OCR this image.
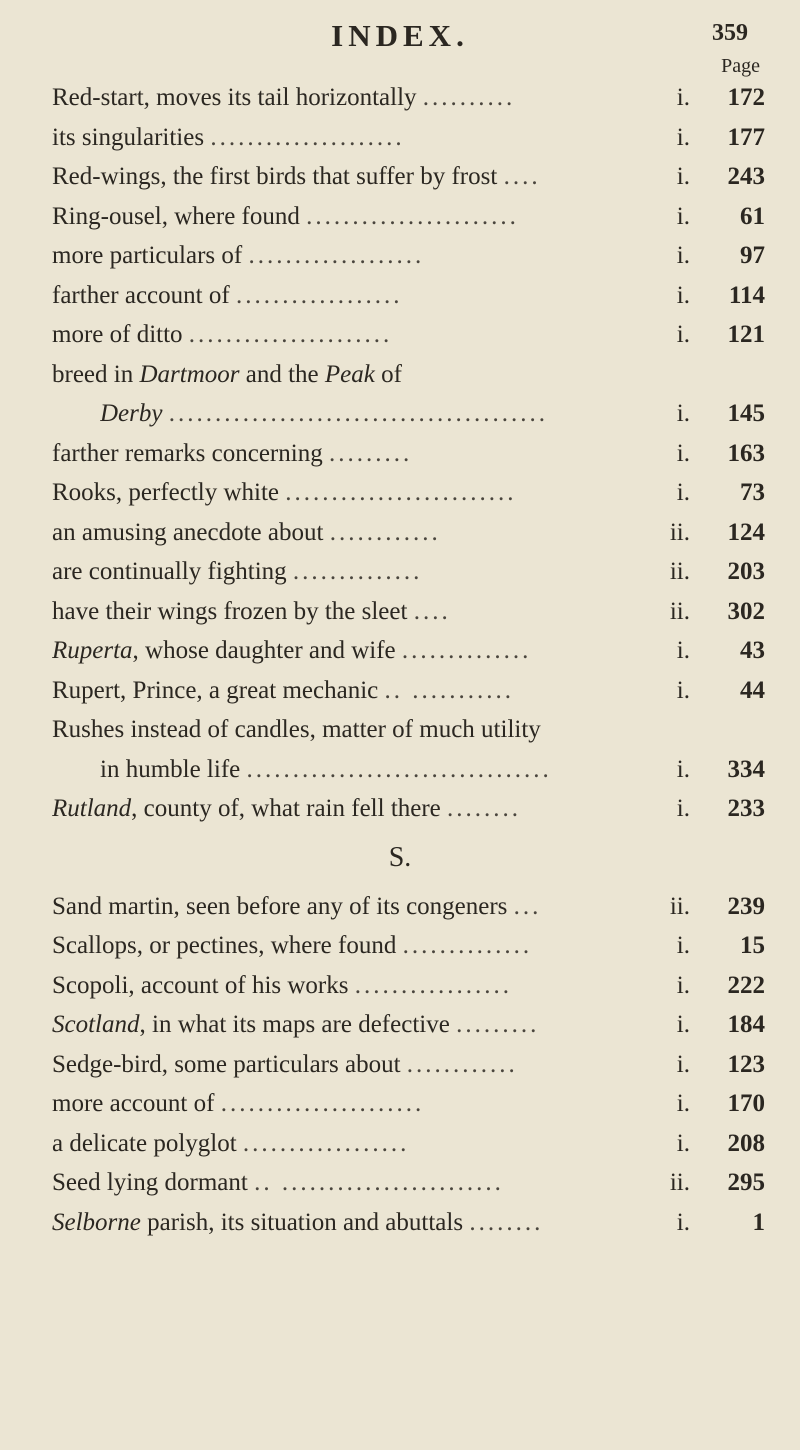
INDEX.	359
Page
Red-start, moves its tail horizontally ..........	i.	172
its singularities .....................	i.	177
Red-wings, the first birds that suffer by frost ....	i.	243
Ring-ousel, where found .......................	i.	61
more particulars of ...................	i.	97
farther account of ..................	i.	114
more of ditto ......................	i.	121
breed in Dartmoor and the Peak of
Derby .........................................	i.	145
farther remarks concerning .........	i.	163
Rooks, perfectly white .........................	i.	73
an amusing anecdote about ............	ii.	124
are continually fighting ..............	ii.	203
have their wings frozen by the sleet ....	ii.	302
Ruperta, whose daughter and wife ..............	i.	43
Rupert, Prince, a great mechanic .. ...........	i.	44
Rushes instead of candles, matter of much utility
in humble life .................................	i.	334
Rutland, county of, what rain fell there ........	i.	233
S.
Sand martin, seen before any of its congeners ...	ii.	239
Scallops, or pectines, where found ..............	i.	15
Scopoli, account of his works .................	i.	222
Scotland, in what its maps are defective .........	i.	184
Sedge-bird, some particulars about ............	i.	123
more account of ......................	i.	170
a delicate polyglot ..................	i.	208
Seed lying dormant .. ........................	ii.	295
Selborne parish, its situation and abuttals ........	i.	1
